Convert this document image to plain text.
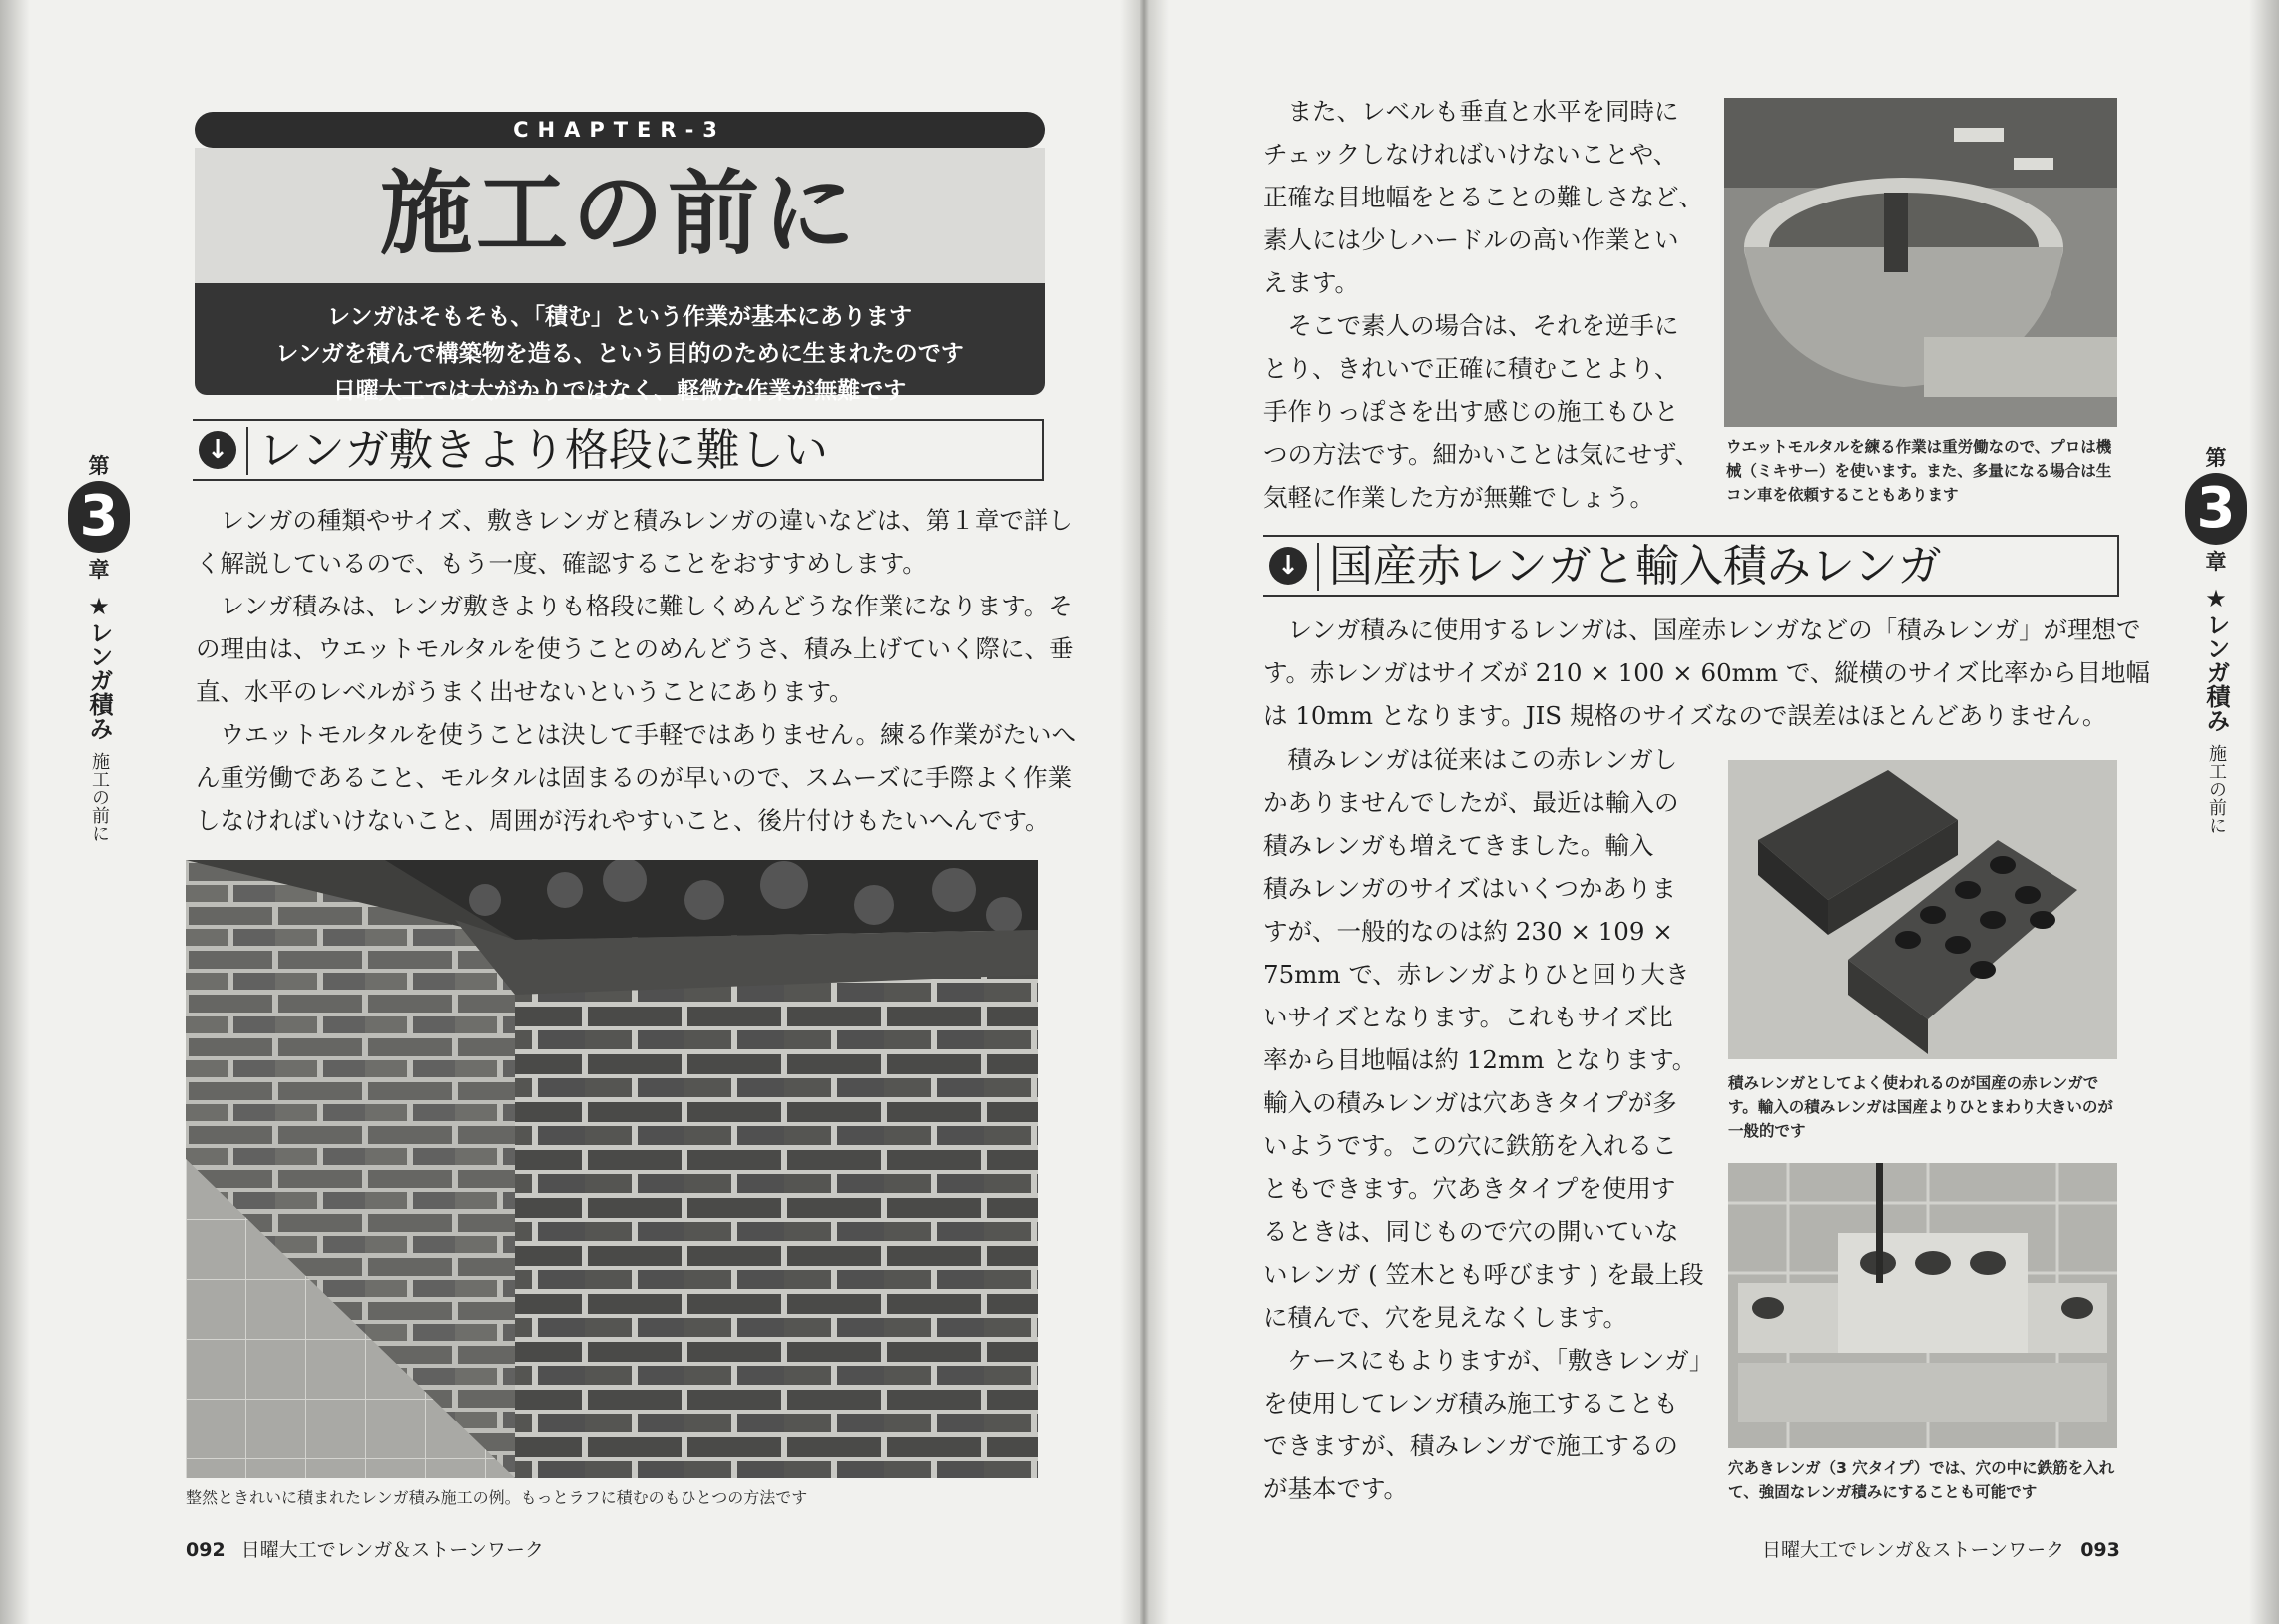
CHAPTER-3
施工の前に
レンガはそもそも、「積む」という作業が基本にあります
レンガを積んで構築物を造る、という目的のために生まれたのです
日曜大工では大がかりではなく、軽微な作業が無難です
↓ レンガ敷きより格段に難しい

　レンガの種類やサイズ、敷きレンガと積みレンガの違いなどは、第１章で詳し

く解説しているので、もう一度、確認することをおすすめします。

　レンガ積みは、レンガ敷きよりも格段に難しくめんどうな作業になります。そ

の理由は、ウエットモルタルを使うことのめんどうさ、積み上げていく際に、垂

直、水平のレベルがうまく出せないということにあります。

　ウエットモルタルを使うことは決して手軽ではありません。練る作業がたいへ

ん重労働であること、モルタルは固まるのが早いので、スムーズに手際よく作業

しなければいけないこと、周囲が汚れやすいこと、後片付けもたいへんです。

整然ときれいに積まれたレンガ積み施工の例。もっとラフに積むのもひとつの方法です
092 日曜大工でレンガ＆ストーンワーク
第
3
章
★レンガ積み
施工の前に

　また、レベルも垂直と水平を同時に

チェックしなければいけないことや、

正確な目地幅をとることの難しさなど、

素人には少しハードルの高い作業とい

えます。

　そこで素人の場合は、それを逆手に

とり、きれいで正確に積むことより、

手作りっぽさを出す感じの施工もひと

つの方法です。細かいことは気にせず、

気軽に作業した方が無難でしょう。

ウエットモルタルを練る作業は重労働なので、プロは機械（ミキサー）を使います。また、多量になる場合は生コン車を依頼することもあります
↓ 国産赤レンガと輸入積みレンガ

　レンガ積みに使用するレンガは、国産赤レンガなどの「積みレンガ」が理想で

す。赤レンガはサイズが 210 × 100 × 60mm で、縦横のサイズ比率から目地幅

は 10mm となります。JIS 規格のサイズなので誤差はほとんどありません。

　積みレンガは従来はこの赤レンガし

かありませんでしたが、最近は輸入の

積みレンガも増えてきました。輸入

積みレンガのサイズはいくつかありま

すが、一般的なのは約 230 × 109 ×

75mm で、赤レンガよりひと回り大き

いサイズとなります。これもサイズ比

率から目地幅は約 12mm となります。

輸入の積みレンガは穴あきタイプが多

いようです。この穴に鉄筋を入れるこ

ともできます。穴あきタイプを使用す

るときは、同じもので穴の開いていな

いレンガ ( 笠木とも呼びます ) を最上段

に積んで、穴を見えなくします。

　ケースにもよりますが、「敷きレンガ」

を使用してレンガ積み施工することも

できますが、積みレンガで施工するの

が基本です。

積みレンガとしてよく使われるのが国産の赤レンガです。輸入の積みレンガは国産よりひとまわり大きいのが一般的です
穴あきレンガ（3 穴タイプ）では、穴の中に鉄筋を入れて、強固なレンガ積みにすることも可能です
日曜大工でレンガ＆ストーンワーク 093
第
3
章
★レンガ積み
施工の前に
